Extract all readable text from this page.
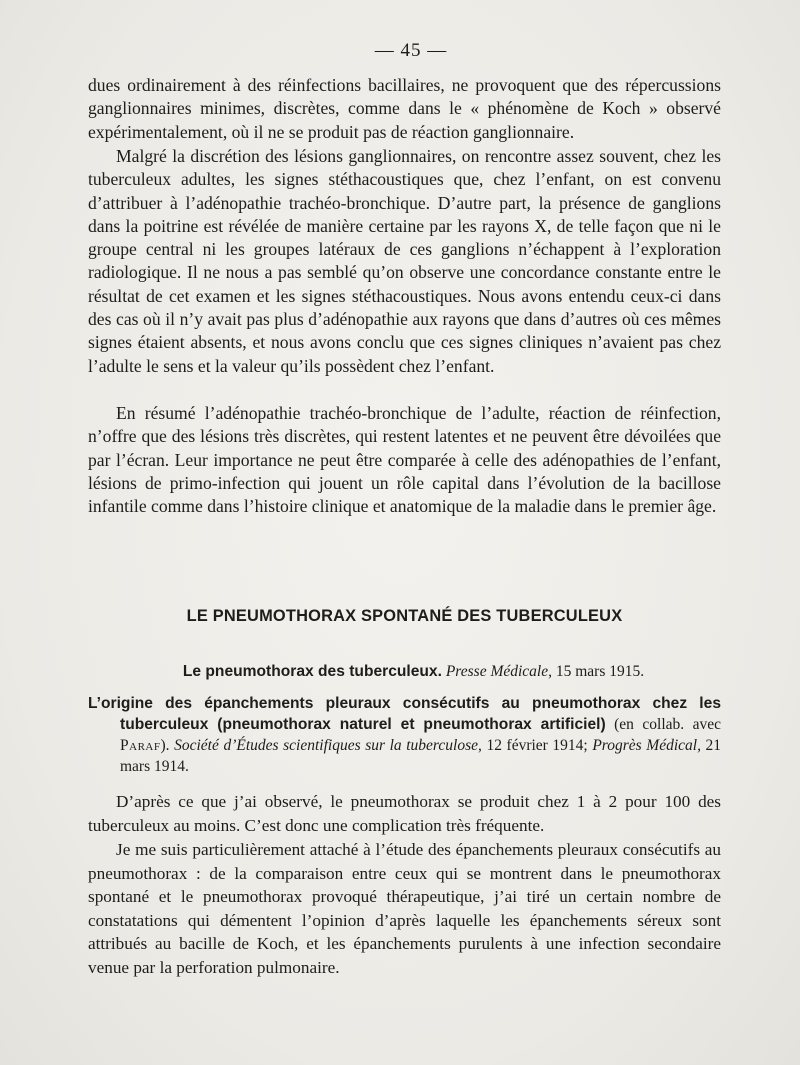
— 45 —

dues ordinairement à des réinfections bacillaires, ne provoquent que des répercussions ganglionnaires minimes, discrètes, comme dans le « phénomène de Koch » observé expérimentalement, où il ne se produit pas de réaction ganglionnaire.

Malgré la discrétion des lésions ganglionnaires, on rencontre assez souvent, chez les tuberculeux adultes, les signes stéthacoustiques que, chez l’enfant, on est convenu d’attribuer à l’adénopathie trachéo-bronchique. D’autre part, la présence de ganglions dans la poitrine est révélée de manière certaine par les rayons X, de telle façon que ni le groupe central ni les groupes latéraux de ces ganglions n’échappent à l’exploration radiologique. Il ne nous a pas semblé qu’on observe une concordance constante entre le résultat de cet examen et les signes stéthacoustiques. Nous avons entendu ceux-ci dans des cas où il n’y avait pas plus d’adénopathie aux rayons que dans d’autres où ces mêmes signes étaient absents, et nous avons conclu que ces signes cliniques n’avaient pas chez l’adulte le sens et la valeur qu’ils possèdent chez l’enfant.

En résumé l’adénopathie trachéo-bronchique de l’adulte, réaction de réinfection, n’offre que des lésions très discrètes, qui restent latentes et ne peuvent être dévoilées que par l’écran. Leur importance ne peut être comparée à celle des adénopathies de l’enfant, lésions de primo-infection qui jouent un rôle capital dans l’évolution de la bacillose infantile comme dans l’histoire clinique et anatomique de la maladie dans le premier âge.

LE PNEUMOTHORAX SPONTANÉ DES TUBERCULEUX
Le pneumothorax des tuberculeux. Presse Médicale, 15 mars 1915.
L’origine des épanchements pleuraux consécutifs au pneumothorax chez les tuberculeux (pneumothorax naturel et pneumothorax artificiel) (en collab. avec Paraf). Société d’Études scientifiques sur la tuberculose, 12 février 1914; Progrès Médical, 21 mars 1914.

D’après ce que j’ai observé, le pneumothorax se produit chez 1 à 2 pour 100 des tuberculeux au moins. C’est donc une complication très fréquente.

Je me suis particulièrement attaché à l’étude des épanchements pleuraux consécutifs au pneumothorax : de la comparaison entre ceux qui se montrent dans le pneumothorax spontané et le pneumothorax provoqué thérapeutique, j’ai tiré un certain nombre de constatations qui démentent l’opinion d’après laquelle les épanchements séreux sont attribués au bacille de Koch, et les épanchements purulents à une infection secondaire venue par la perforation pulmonaire.
